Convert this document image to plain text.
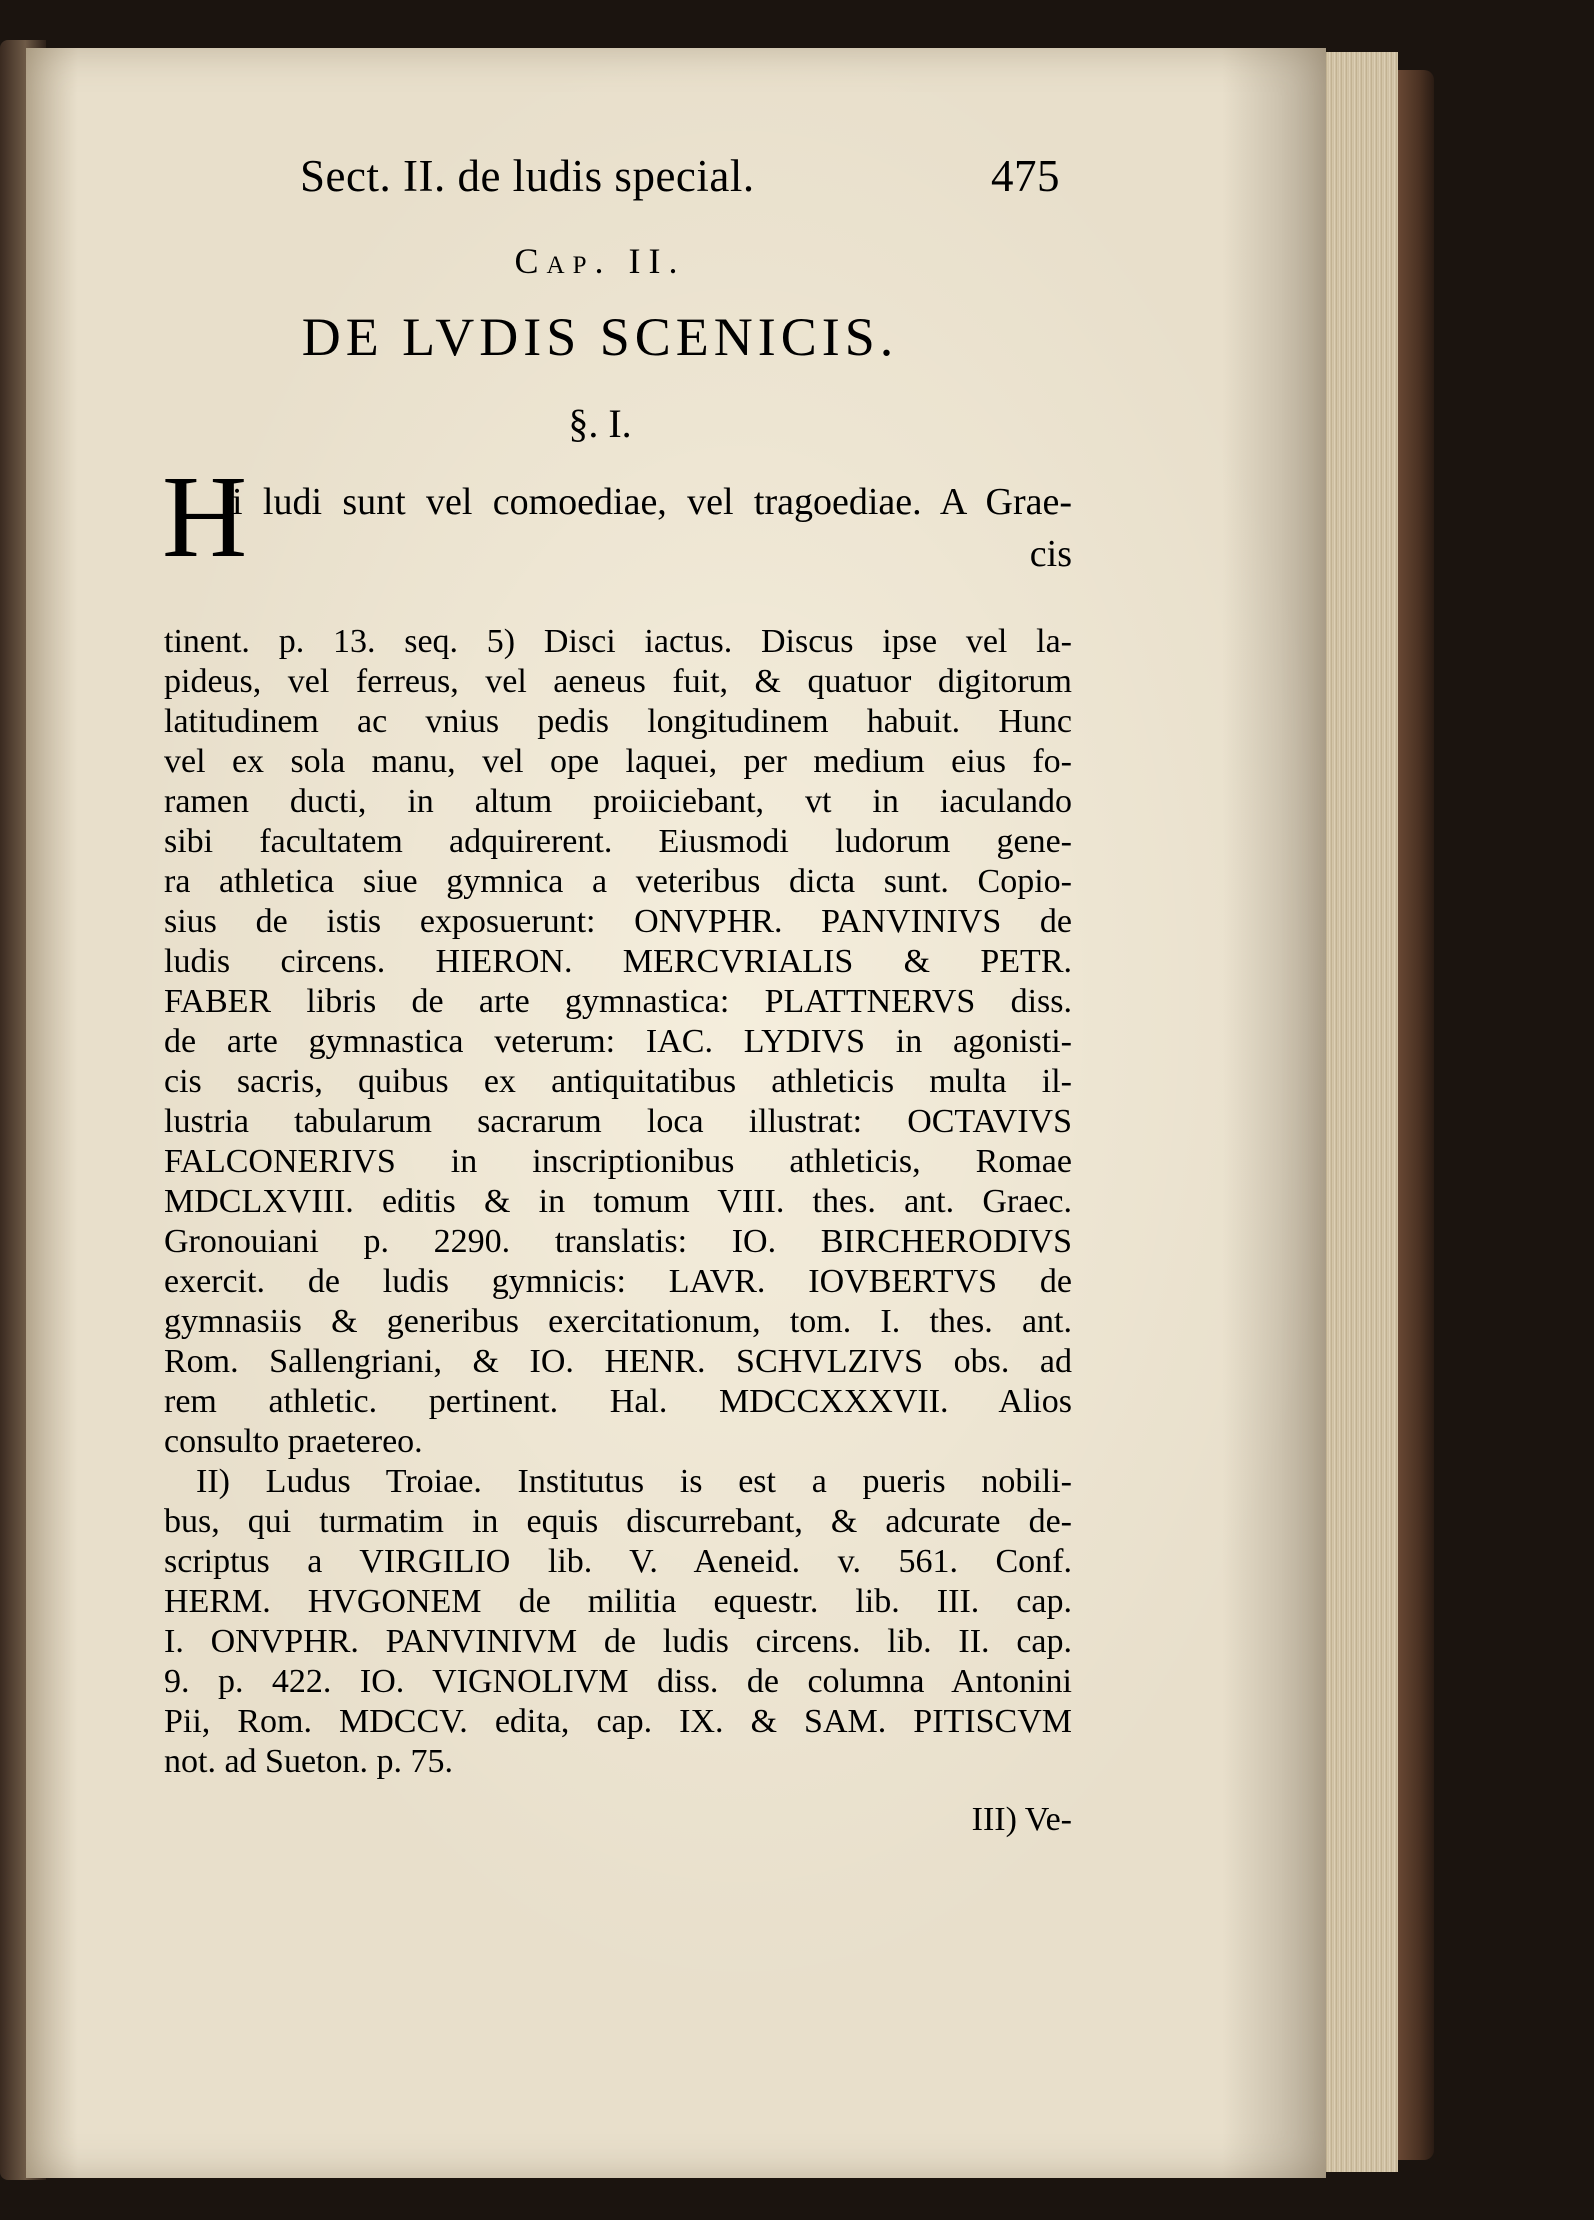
Sect. II. de ludis special.	475
Cap. II.
DE LVDIS SCENICIS.
§. I.
H
i ludi sunt vel comoediae, vel tragoediae. A Grae-
cis
tinent. p. 13. seq. 5) Disci iactus. Discus ipse vel la-
pideus, vel ferreus, vel aeneus fuit, & quatuor digitorum
latitudinem ac vnius pedis longitudinem habuit. Hunc
vel ex sola manu, vel ope laquei, per medium eius fo-
ramen ducti, in altum proiiciebant, vt in iaculando
sibi facultatem adquirerent. Eiusmodi ludorum gene-
ra athletica siue gymnica a veteribus dicta sunt. Copio-
sius de istis exposuerunt: ONVPHR. PANVINIVS de
ludis circens. HIERON. MERCVRIALIS & PETR.
FABER libris de arte gymnastica: PLATTNERVS diss.
de arte gymnastica veterum: IAC. LYDIVS in agonisti-
cis sacris, quibus ex antiquitatibus athleticis multa il-
lustria tabularum sacrarum loca illustrat: OCTAVIVS
FALCONERIVS in inscriptionibus athleticis, Romae
MDCLXVIII. editis & in tomum VIII. thes. ant. Graec.
Gronouiani p. 2290. translatis: IO. BIRCHERODIVS
exercit. de ludis gymnicis: LAVR. IOVBERTVS de
gymnasiis & generibus exercitationum, tom. I. thes. ant.
Rom. Sallengriani, & IO. HENR. SCHVLZIVS obs. ad
rem athletic. pertinent. Hal. MDCCXXXVII. Alios
consulto praetereo.
II) Ludus Troiae. Institutus is est a pueris nobili-
bus, qui turmatim in equis discurrebant, & adcurate de-
scriptus a VIRGILIO lib. V. Aeneid. v. 561. Conf.
HERM. HVGONEM de militia equestr. lib. III. cap.
I. ONVPHR. PANVINIVM de ludis circens. lib. II. cap.
9. p. 422. IO. VIGNOLIVM diss. de columna Antonini
Pii, Rom. MDCCV. edita, cap. IX. & SAM. PITISCVM
not. ad Sueton. p. 75.
III) Ve-
